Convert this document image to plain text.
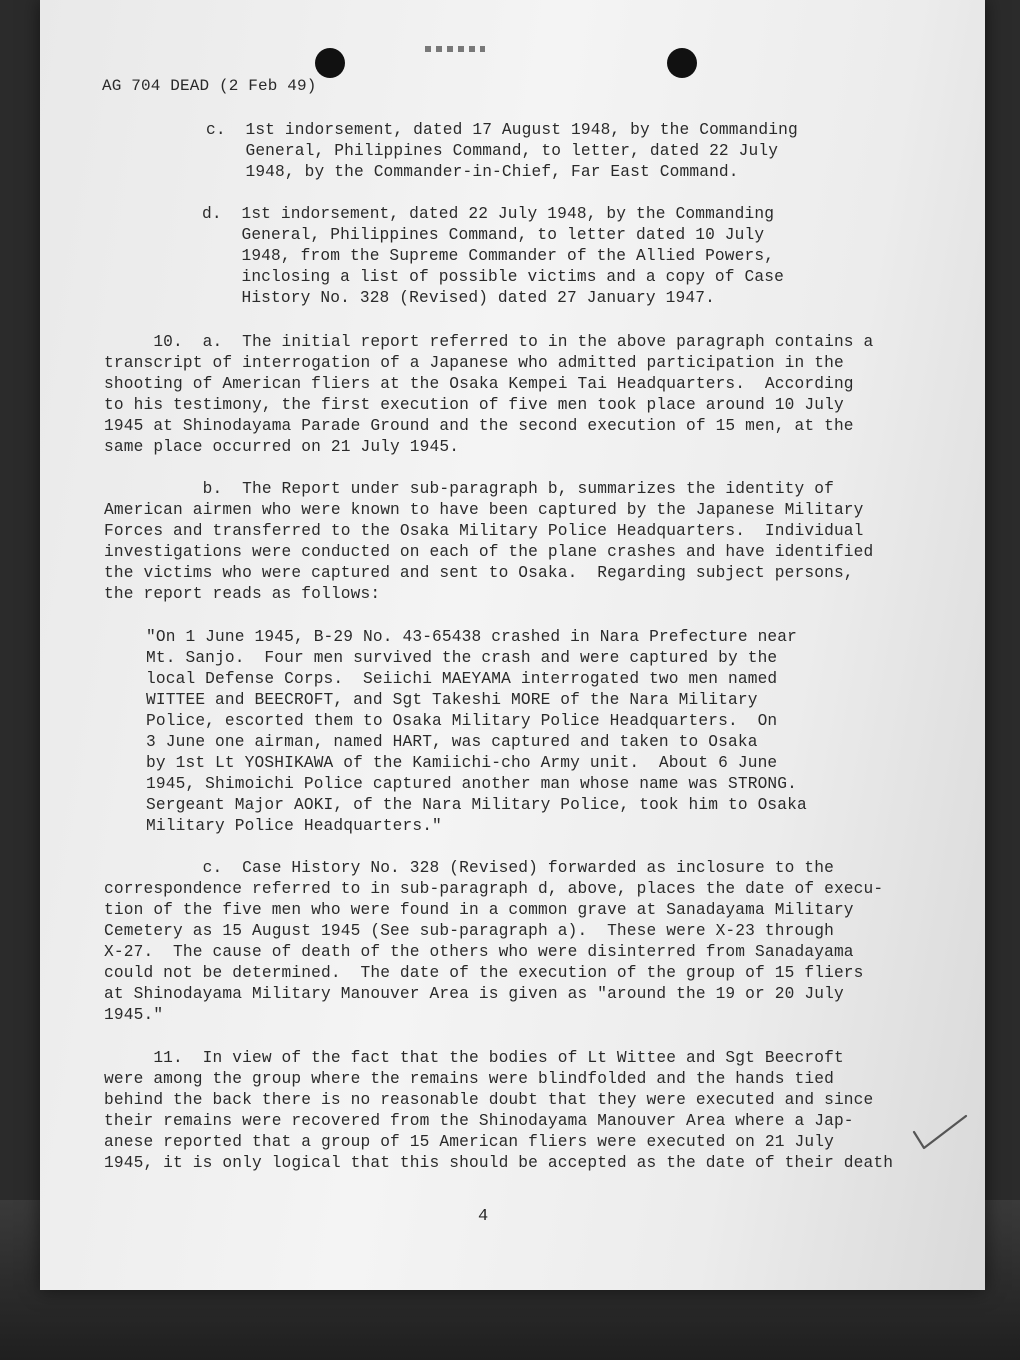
AG 704 DEAD (2 Feb 49)
c.  1st indorsement, dated 17 August 1948, by the Commanding
General, Philippines Command, to letter, dated 22 July
1948, by the Commander-in-Chief, Far East Command.
d.  1st indorsement, dated 22 July 1948, by the Commanding
General, Philippines Command, to letter dated 10 July
1948, from the Supreme Commander of the Allied Powers,
inclosing a list of possible victims and a copy of Case
History No. 328 (Revised) dated 27 January 1947.
10.  a.  The initial report referred to in the above paragraph contains a
transcript of interrogation of a Japanese who admitted participation in the
shooting of American fliers at the Osaka Kempei Tai Headquarters.  According
to his testimony, the first execution of five men took place around 10 July
1945 at Shinodayama Parade Ground and the second execution of 15 men, at the
same place occurred on 21 July 1945.
b.  The Report under sub-paragraph b, summarizes the identity of
American airmen who were known to have been captured by the Japanese Military
Forces and transferred to the Osaka Military Police Headquarters.  Individual
investigations were conducted on each of the plane crashes and have identified
the victims who were captured and sent to Osaka.  Regarding subject persons,
the report reads as follows:
"On 1 June 1945, B-29 No. 43-65438 crashed in Nara Prefecture near
Mt. Sanjo.  Four men survived the crash and were captured by the
local Defense Corps.  Seiichi MAEYAMA interrogated two men named
WITTEE and BEECROFT, and Sgt Takeshi MORE of the Nara Military
Police, escorted them to Osaka Military Police Headquarters.  On
3 June one airman, named HART, was captured and taken to Osaka
by 1st Lt YOSHIKAWA of the Kamiichi-cho Army unit.  About 6 June
1945, Shimoichi Police captured another man whose name was STRONG.
Sergeant Major AOKI, of the Nara Military Police, took him to Osaka
Military Police Headquarters."
c.  Case History No. 328 (Revised) forwarded as inclosure to the
correspondence referred to in sub-paragraph d, above, places the date of execu-
tion of the five men who were found in a common grave at Sanadayama Military
Cemetery as 15 August 1945 (See sub-paragraph a).  These were X-23 through
X-27.  The cause of death of the others who were disinterred from Sanadayama
could not be determined.  The date of the execution of the group of 15 fliers
at Shinodayama Military Manouver Area is given as "around the 19 or 20 July
1945."
11.  In view of the fact that the bodies of Lt Wittee and Sgt Beecroft
were among the group where the remains were blindfolded and the hands tied
behind the back there is no reasonable doubt that they were executed and since
their remains were recovered from the Shinodayama Manouver Area where a Jap-
anese reported that a group of 15 American fliers were executed on 21 July
1945, it is only logical that this should be accepted as the date of their death
4
